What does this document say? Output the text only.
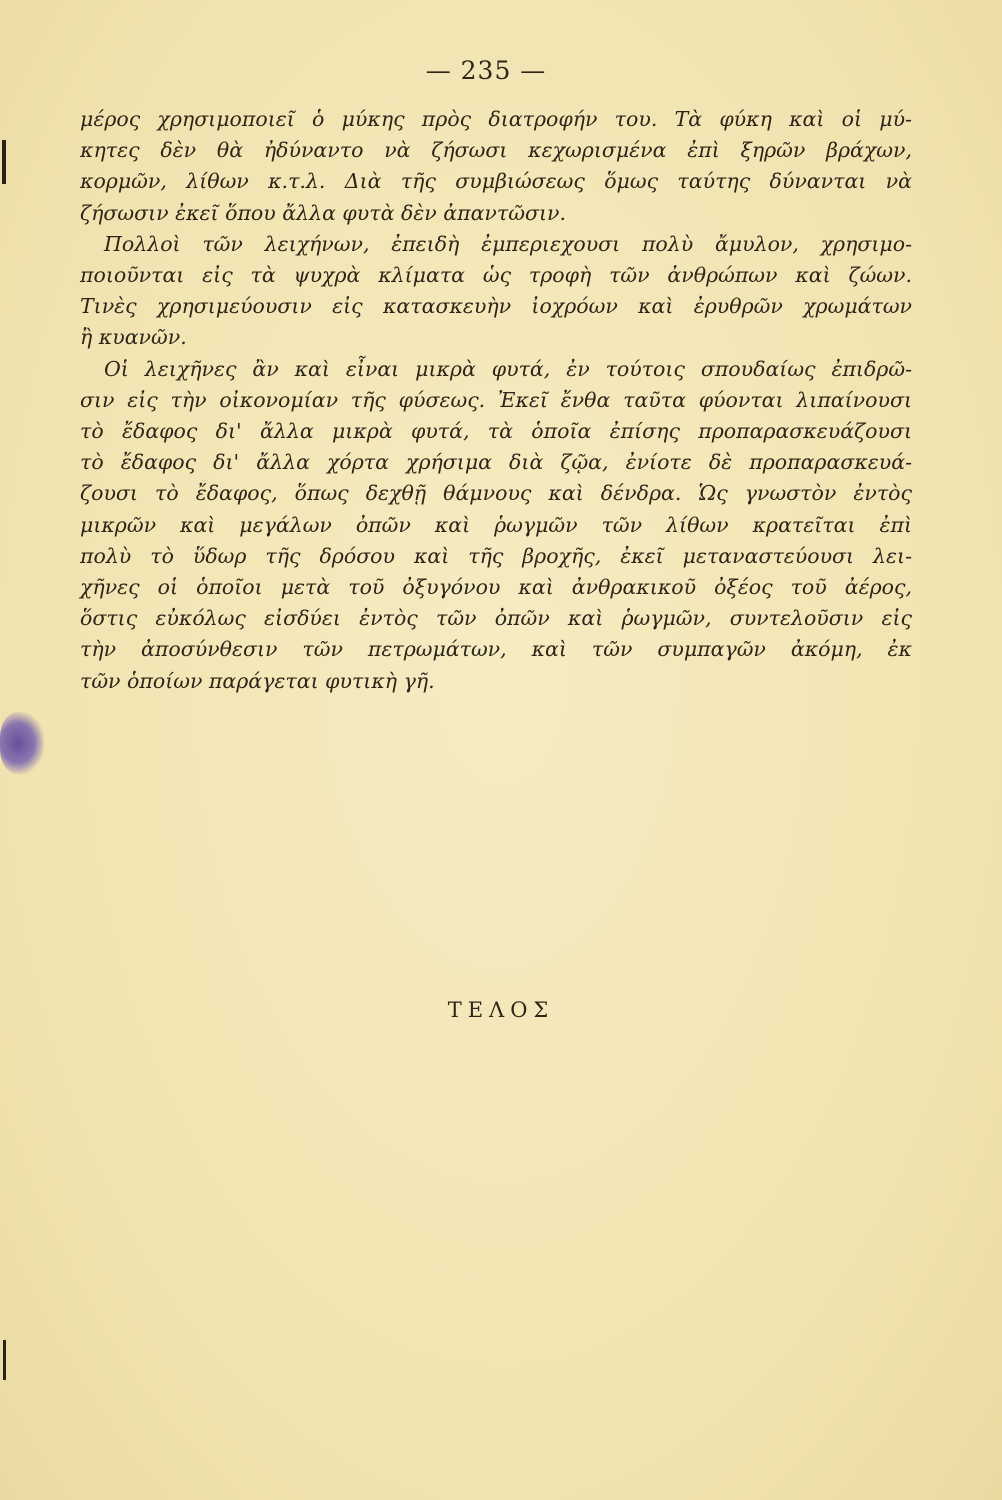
— 235 —
μέρος χρησιμοποιεῖ ὁ μύκης πρὸς διατροφήν του. Τὰ φύκη καὶ οἱ μύ-
κητες δὲν θὰ ἠδύναντο νὰ ζήσωσι κεχωρισμένα ἐπὶ ξηρῶν βράχων,
κορμῶν, λίθων κ.τ.λ. Διὰ τῆς συμβιώσεως ὅμως ταύτης δύνανται νὰ
ζήσωσιν ἐκεῖ ὅπου ἄλλα φυτὰ δὲν ἀπαντῶσιν.
Πολλοὶ τῶν λειχήνων, ἐπειδὴ ἐμπεριεχουσι πολὺ ἄμυλον, χρησιμο-
ποιοῦνται εἰς τὰ ψυχρὰ κλίματα ὡς τροφὴ τῶν ἀνθρώπων καὶ ζώων.
Τινὲς χρησιμεύουσιν εἰς κατασκευὴν ἰοχρόων καὶ ἐρυθρῶν χρωμάτων
ἢ κυανῶν.
Οἱ λειχῆνες ἂν καὶ εἶναι μικρὰ φυτά, ἐν τούτοις σπουδαίως ἐπιδρῶ-
σιν εἰς τὴν οἰκονομίαν τῆς φύσεως. Ἐκεῖ ἔνθα ταῦτα φύονται λιπαίνουσι
τὸ ἔδαφος δι' ἄλλα μικρὰ φυτά, τὰ ὁποῖα ἐπίσης προπαρασκευάζουσι
τὸ ἔδαφος δι' ἄλλα χόρτα χρήσιμα διὰ ζῷα, ἐνίοτε δὲ προπαρασκευά-
ζουσι τὸ ἔδαφος, ὅπως δεχθῇ θάμνους καὶ δένδρα. Ὡς γνωστὸν ἐντὸς
μικρῶν καὶ μεγάλων ὀπῶν καὶ ῥωγμῶν τῶν λίθων κρατεῖται ἐπὶ
πολὺ τὸ ὕδωρ τῆς δρόσου καὶ τῆς βροχῆς, ἐκεῖ μεταναστεύουσι λει-
χῆνες οἱ ὁποῖοι μετὰ τοῦ ὀξυγόνου καὶ ἀνθρακικοῦ ὀξέος τοῦ ἀέρος,
ὅστις εὐκόλως εἰσδύει ἐντὸς τῶν ὀπῶν καὶ ῥωγμῶν, συντελοῦσιν εἰς
τὴν ἀποσύνθεσιν τῶν πετρωμάτων, καὶ τῶν συμπαγῶν ἀκόμη, ἐκ
τῶν ὁποίων παράγεται φυτικὴ γῆ.
ΤΕΛΟΣ
